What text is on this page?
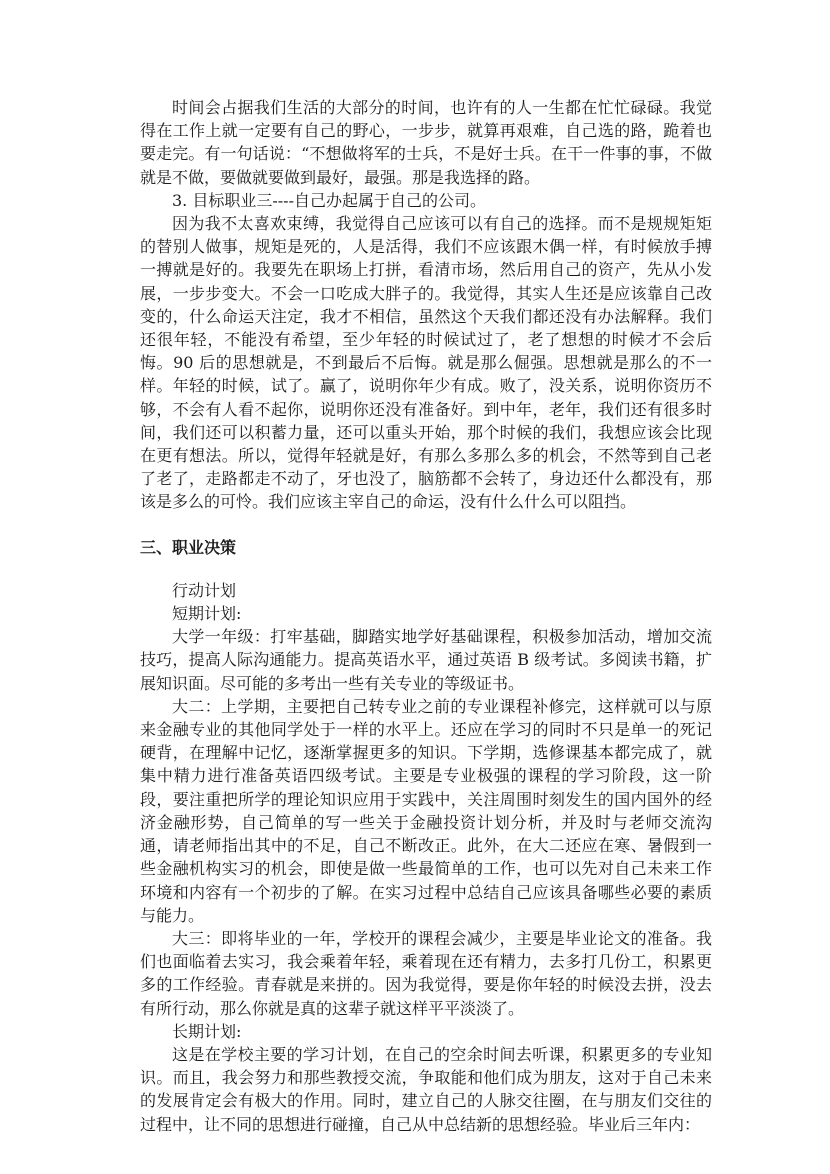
时间会占据我们生活的大部分的时间，也许有的人一生都在忙忙碌碌。我觉得在工作上就一定要有自己的野心，一步步，就算再艰难，自己选的路，跪着也要走完。有一句话说：“不想做将军的士兵，不是好士兵。在干一件事的事，不做就是不做，要做就要做到最好，最强。那是我选择的路。

3. 目标职业三----自己办起属于自己的公司。

因为我不太喜欢束缚，我觉得自己应该可以有自己的选择。而不是规规矩矩的替别人做事，规矩是死的，人是活得，我们不应该跟木偶一样，有时候放手搏一搏就是好的。我要先在职场上打拼，看清市场，然后用自己的资产，先从小发展，一步步变大。不会一口吃成大胖子的。我觉得，其实人生还是应该靠自己改变的，什么命运天注定，我才不相信，虽然这个天我们都还没有办法解释。我们还很年轻，不能没有希望，至少年轻的时候试过了，老了想想的时候才不会后悔。90 后的思想就是，不到最后不后悔。就是那么倔强。思想就是那么的不一样。年轻的时候，试了。赢了，说明你年少有成。败了，没关系，说明你资历不够，不会有人看不起你，说明你还没有准备好。到中年，老年，我们还有很多时间，我们还可以积蓄力量，还可以重头开始，那个时候的我们，我想应该会比现在更有想法。所以，觉得年轻就是好，有那么多那么多的机会，不然等到自己老了老了，走路都走不动了，牙也没了，脑筋都不会转了，身边还什么都没有，那该是多么的可怜。我们应该主宰自己的命运，没有什么什么可以阻挡。

三、职业决策

行动计划

短期计划:

大学一年级：打牢基础，脚踏实地学好基础课程，积极参加活动，增加交流技巧，提高人际沟通能力。提高英语水平，通过英语 B 级考试。多阅读书籍，扩展知识面。尽可能的多考出一些有关专业的等级证书。

大二：上学期，主要把自己转专业之前的专业课程补修完，这样就可以与原来金融专业的其他同学处于一样的水平上。还应在学习的同时不只是单一的死记硬背，在理解中记忆，逐渐掌握更多的知识。下学期，选修课基本都完成了，就集中精力进行准备英语四级考试。主要是专业极强的课程的学习阶段，这一阶段，要注重把所学的理论知识应用于实践中，关注周围时刻发生的国内国外的经济金融形势，自己简单的写一些关于金融投资计划分析，并及时与老师交流沟通，请老师指出其中的不足，自己不断改正。此外，在大二还应在寒、暑假到一些金融机构实习的机会，即使是做一些最简单的工作，也可以先对自己未来工作环境和内容有一个初步的了解。在实习过程中总结自己应该具备哪些必要的素质与能力。

大三：即将毕业的一年，学校开的课程会减少，主要是毕业论文的准备。我们也面临着去实习，我会乘着年轻，乘着现在还有精力，去多打几份工，积累更多的工作经验。青春就是来拼的。因为我觉得，要是你年轻的时候没去拼，没去有所行动，那么你就是真的这辈子就这样平平淡淡了。

长期计划:

这是在学校主要的学习计划，在自己的空余时间去听课，积累更多的专业知识。而且，我会努力和那些教授交流，争取能和他们成为朋友，这对于自己未来的发展肯定会有极大的作用。同时，建立自己的人脉交往圈，在与朋友们交往的过程中，让不同的思想进行碰撞，自己从中总结新的思想经验。毕业后三年内：
